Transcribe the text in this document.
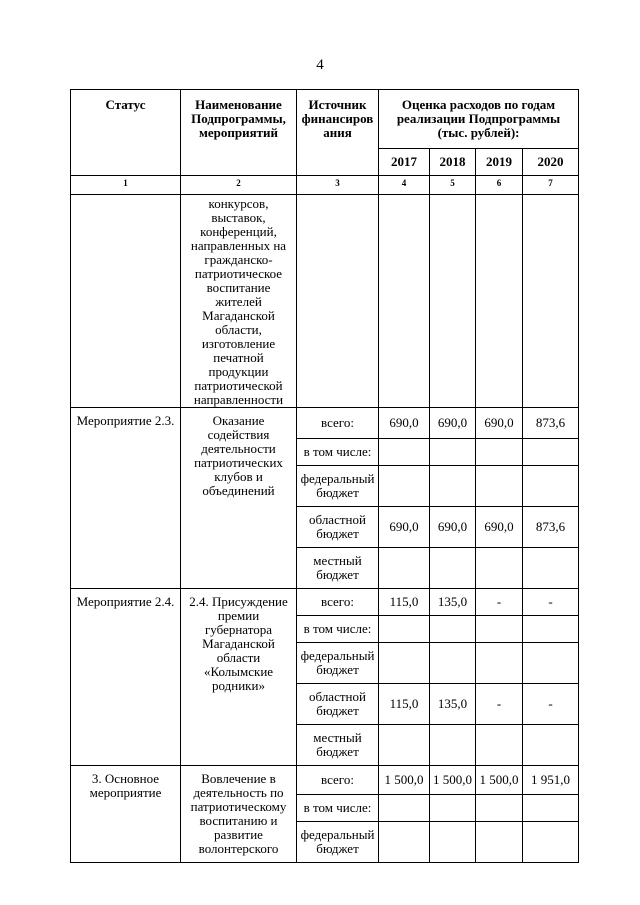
4
Статус	Наименование Подпрограммы, мероприятий	Источник финансиров ания	Оценка расходов по годам реализации Подпрограммы (тыс. рублей):			
			2017	2018	2019	2020
1	2	3	4	5	6	7
	конкурсов, выставок, конференций, направленных на гражданско-патриотическое воспитание жителей Магаданской области, изготовление печатной продукции патриотической направленности					
Мероприятие 2.3.	Оказание содействия деятельности патриотических клубов и объединений	всего:	690,0	690,0	690,0	873,6
		в том числе:				
		федеральный бюджет				
		областной бюджет	690,0	690,0	690,0	873,6
		местный бюджет				
Мероприятие 2.4.	2.4. Присуждение премии губернатора Магаданской области «Колымские родники»	всего:	115,0	135,0	-	-
		в том числе:				
		федеральный бюджет				
		областной бюджет	115,0	135,0	-	-
		местный бюджет				
3. Основное мероприятие	Вовлечение в деятельность по патриотическому воспитанию и развитие волонтерского	всего:	1 500,0	1 500,0	1 500,0	1 951,0
		в том числе:				
		федеральный бюджет				
